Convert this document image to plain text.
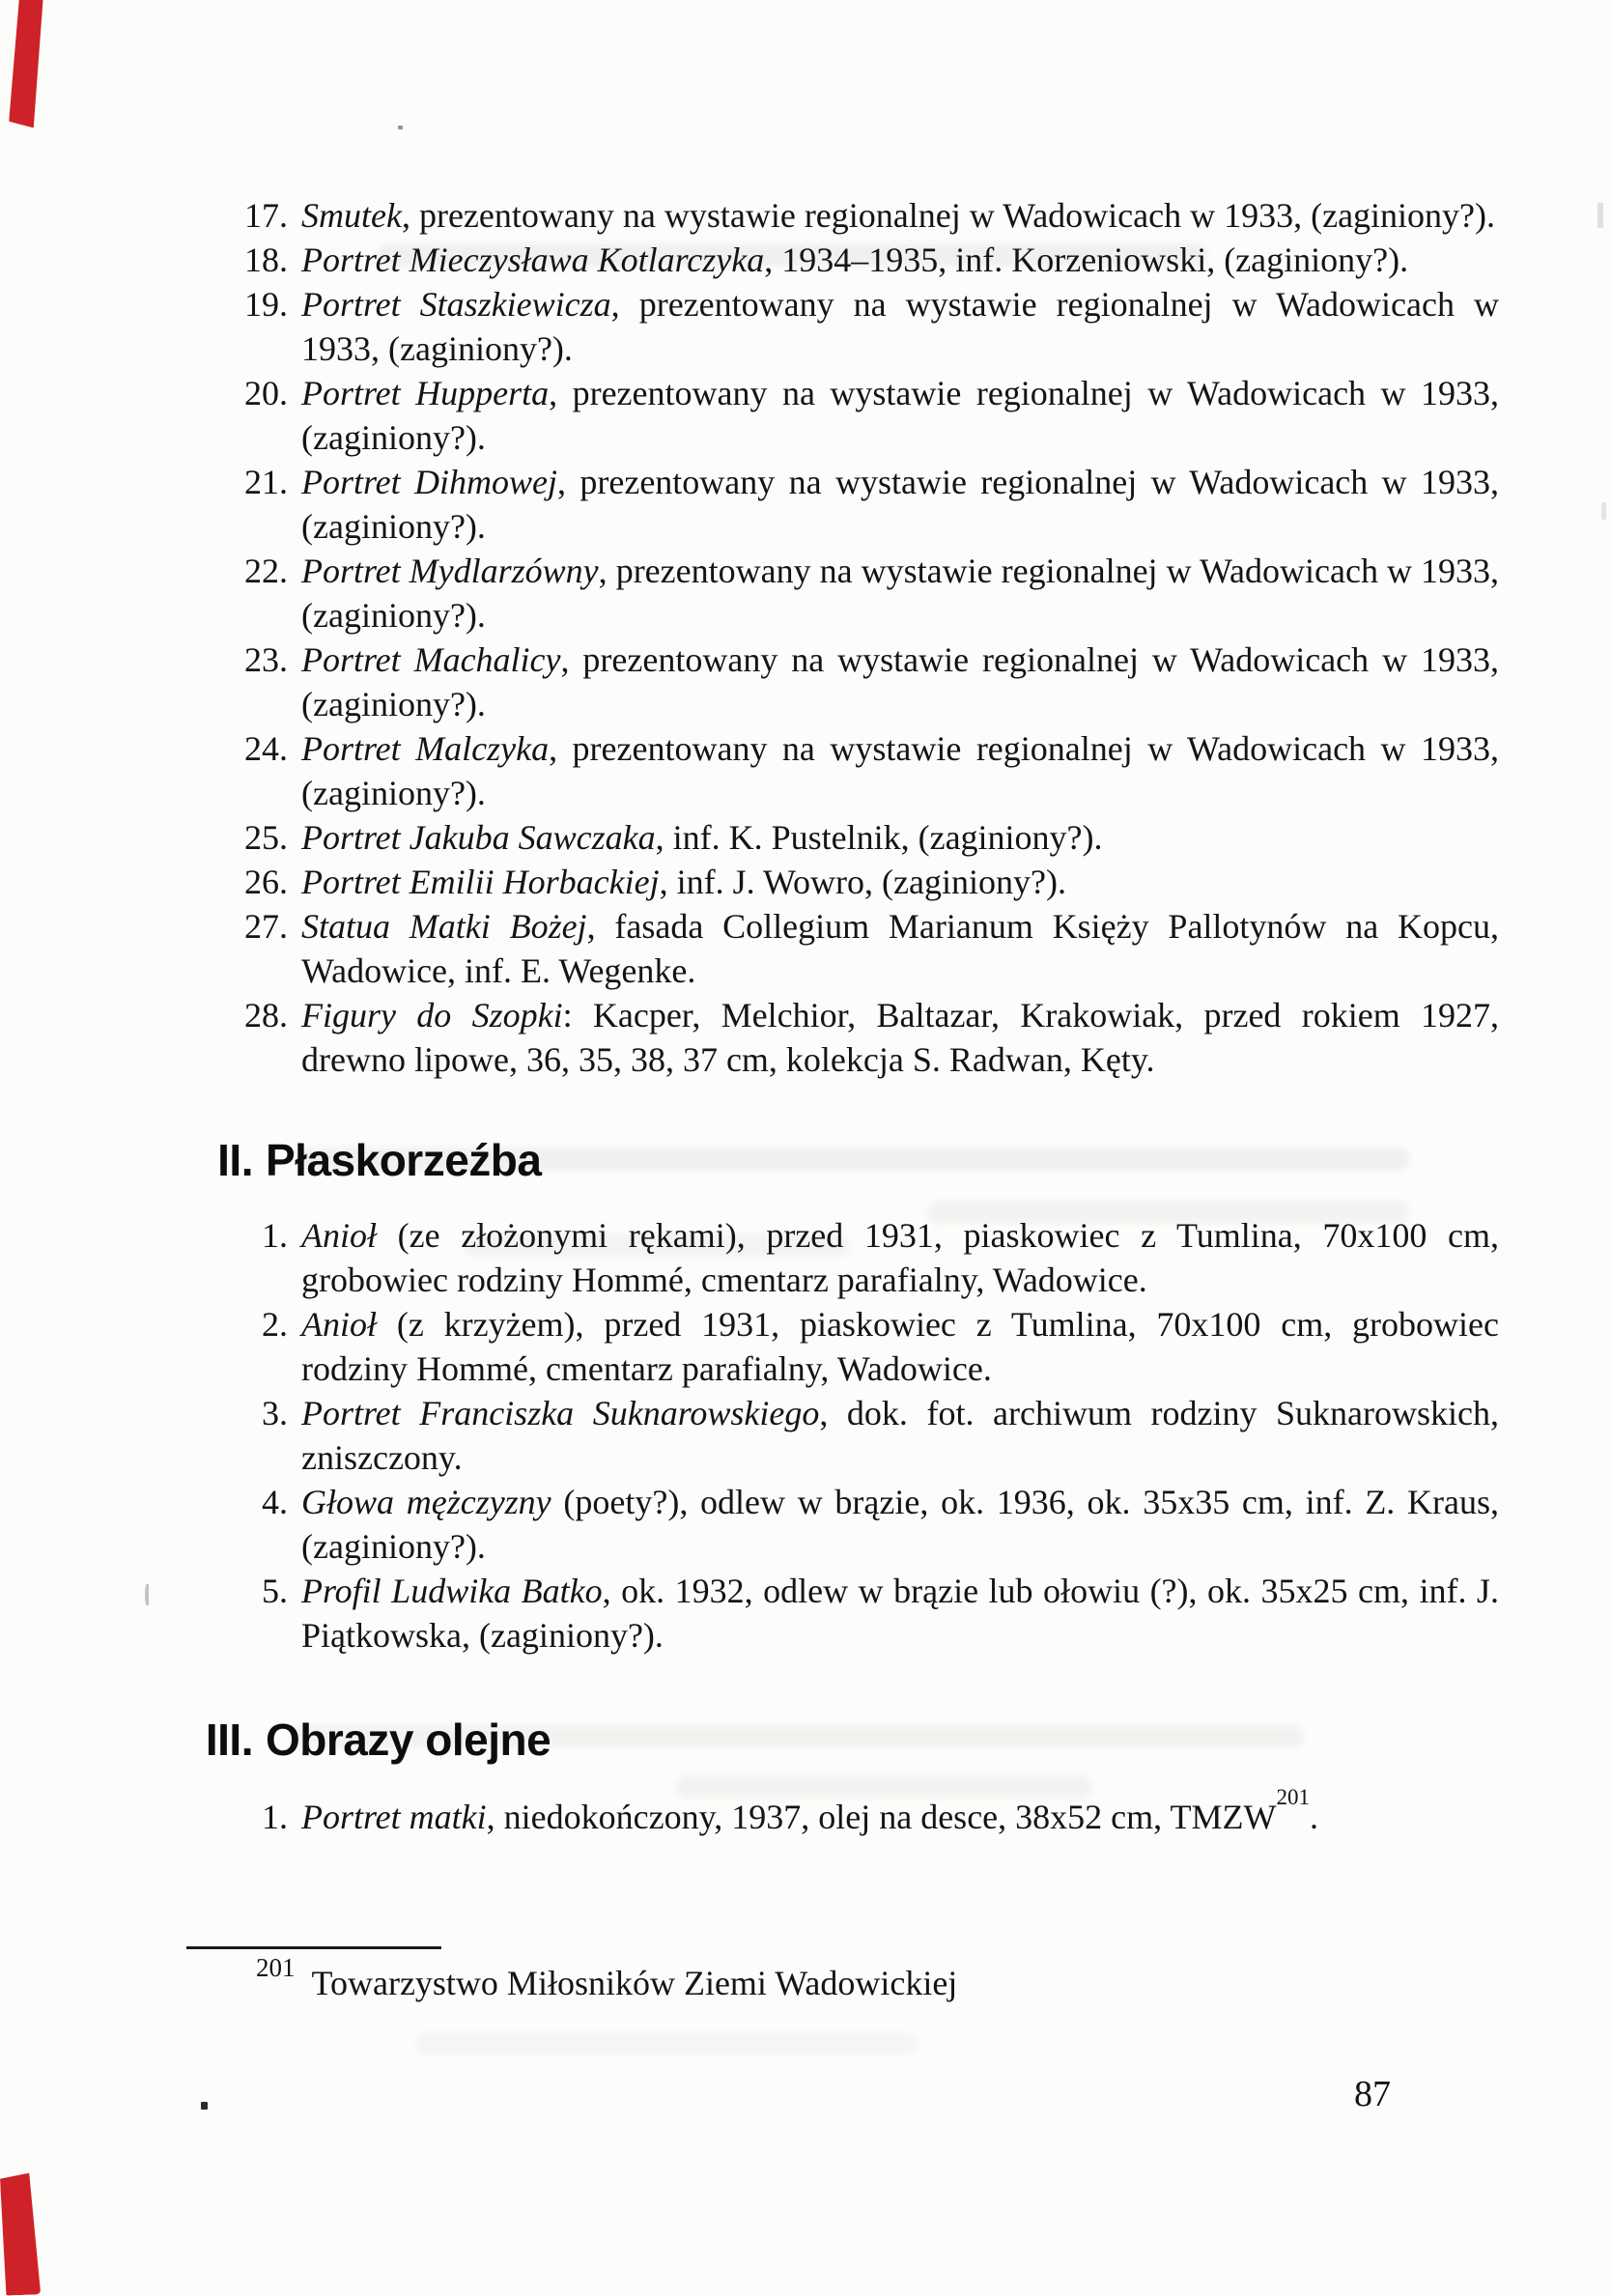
17. Smutek, prezentowany na wystawie regionalnej w Wadowicach w 1933, (zaginiony?).
18. Portret Mieczysława Kotlarczyka, 1934–1935, inf. Korzeniowski, (zaginiony?).
19. Portret Staszkiewicza, prezentowany na wystawie regionalnej w Wadowicach w 1933, (zaginiony?).
20. Portret Hupperta, prezentowany na wystawie regionalnej w Wadowicach w 1933, (zaginiony?).
21. Portret Dihmowej, prezentowany na wystawie regionalnej w Wadowicach w 1933, (zaginiony?).
22. Portret Mydlarzówny, prezentowany na wystawie regionalnej w Wadowicach w 1933, (zaginiony?).
23. Portret Machalicy, prezentowany na wystawie regionalnej w Wadowicach w 1933, (zaginiony?).
24. Portret Malczyka, prezentowany na wystawie regionalnej w Wadowicach w 1933, (zaginiony?).
25. Portret Jakuba Sawczaka, inf. K. Pustelnik, (zaginiony?).
26. Portret Emilii Horbackiej, inf. J. Wowro, (zaginiony?).
27. Statua Matki Bożej, fasada Collegium Marianum Księży Pallotynów na Kopcu, Wadowice, inf. E. Wegenke.
28. Figury do Szopki: Kacper, Melchior, Baltazar, Krakowiak, przed rokiem 1927, drewno lipowe, 36, 35, 38, 37 cm, kolekcja S. Radwan, Kęty.
II. Płaskorzeźba
1. Anioł (ze złożonymi rękami), przed 1931, piaskowiec z Tumlina, 70x100 cm, grobowiec rodziny Hommé, cmentarz parafialny, Wadowice.
2. Anioł (z krzyżem), przed 1931, piaskowiec z Tumlina, 70x100 cm, grobowiec rodziny Hommé, cmentarz parafialny, Wadowice.
3. Portret Franciszka Suknarowskiego, dok. fot. archiwum rodziny Suknarowskich, zniszczony.
4. Głowa mężczyzny (poety?), odlew w brązie, ok. 1936, ok. 35x35 cm, inf. Z. Kraus, (zaginiony?).
5. Profil Ludwika Batko, ok. 1932, odlew w brązie lub ołowiu (?), ok. 35x25 cm, inf. J. Piątkowska, (zaginiony?).
III. Obrazy olejne
1. Portret matki, niedokończony, 1937, olej na desce, 38x52 cm, TMZW$^{201}$.
$^{201}$ Towarzystwo Miłosników Ziemi Wadowickiej
87
